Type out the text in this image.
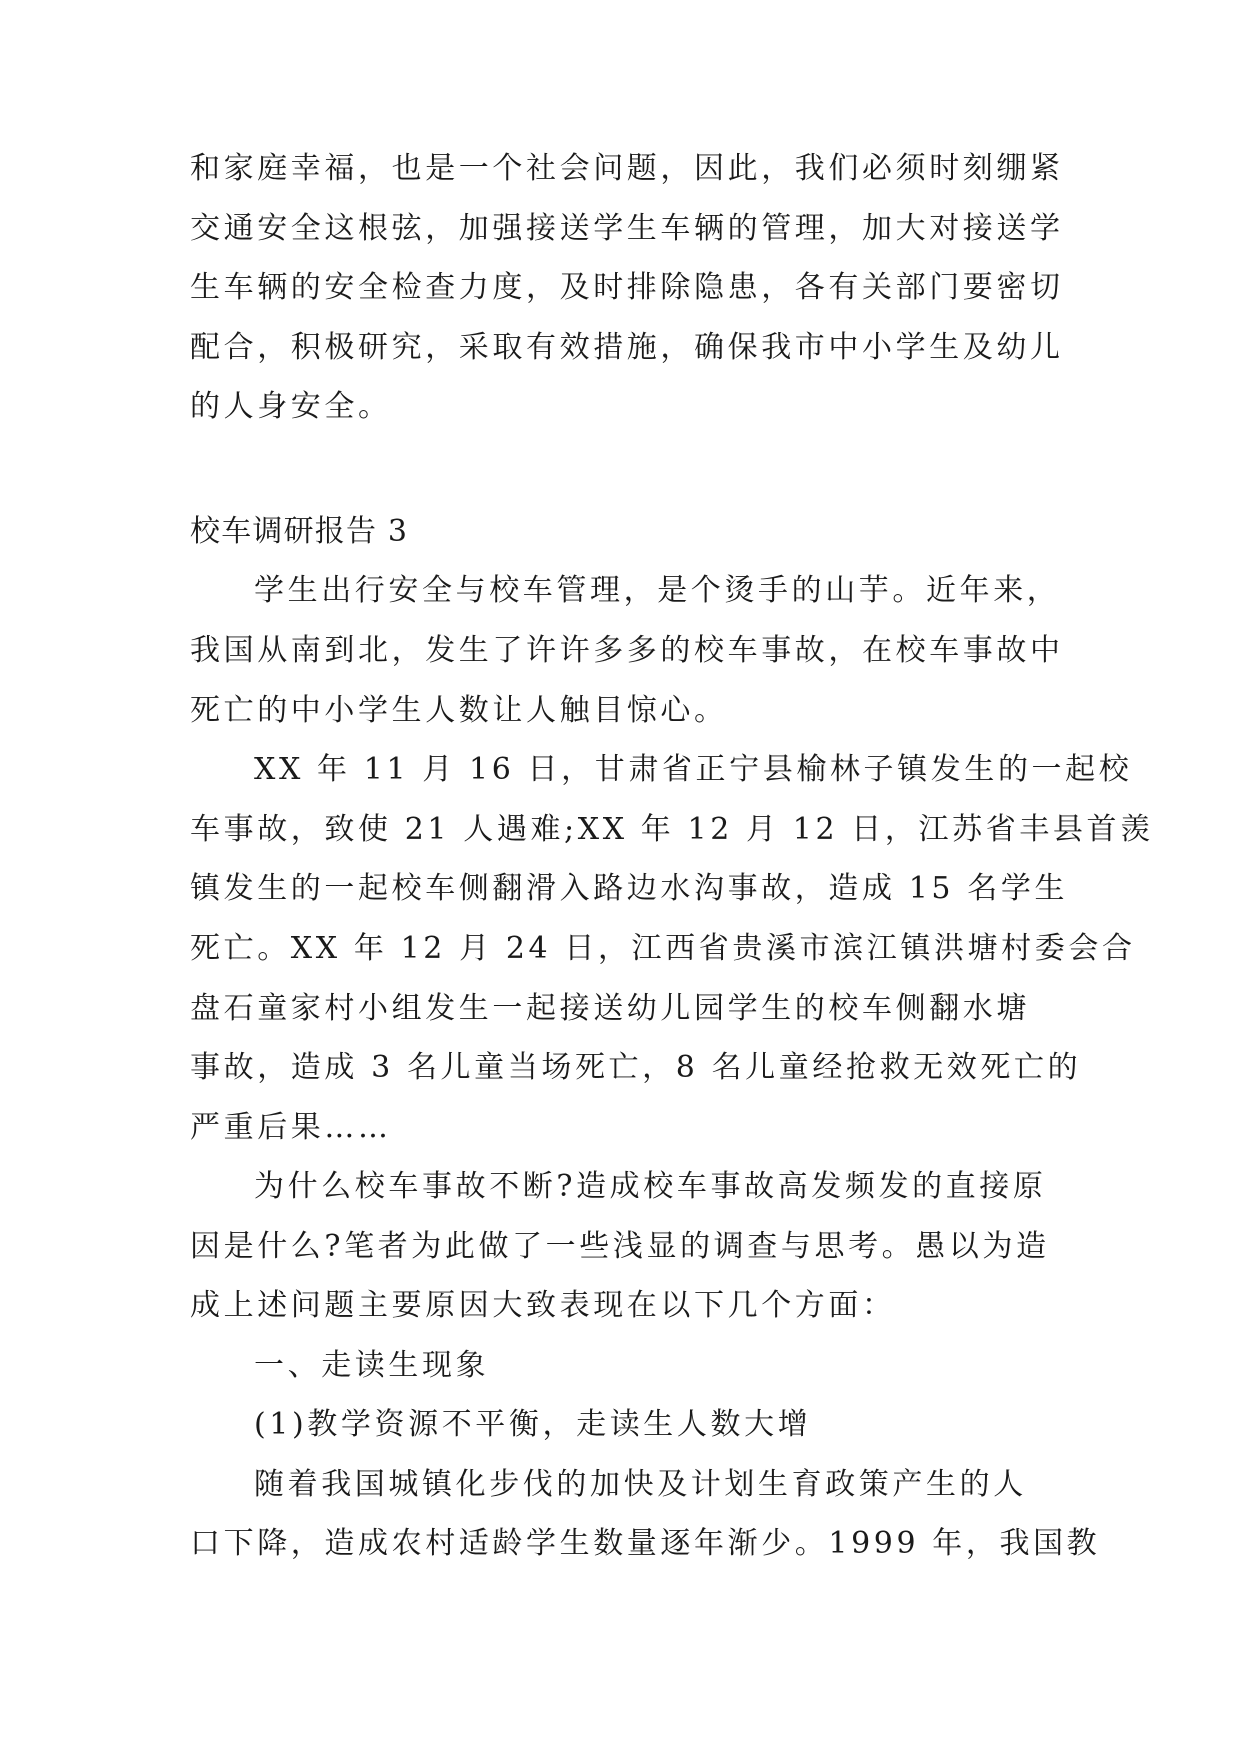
和家庭幸福，也是一个社会问题，因此，我们必须时刻绷紧
交通安全这根弦，加强接送学生车辆的管理，加大对接送学
生车辆的安全检查力度，及时排除隐患，各有关部门要密切
配合，积极研究，采取有效措施，确保我市中小学生及幼儿
的人身安全。
校车调研报告 3
学生出行安全与校车管理，是个烫手的山芋。近年来，
我国从南到北，发生了许许多多的校车事故，在校车事故中
死亡的中小学生人数让人触目惊心。
XX 年 11 月 16 日，甘肃省正宁县榆林子镇发生的一起校
车事故，致使 21 人遇难;XX 年 12 月 12 日，江苏省丰县首羡
镇发生的一起校车侧翻滑入路边水沟事故，造成 15 名学生
死亡。XX 年 12 月 24 日，江西省贵溪市滨江镇洪塘村委会合
盘石童家村小组发生一起接送幼儿园学生的校车侧翻水塘
事故，造成 3 名儿童当场死亡，8 名儿童经抢救无效死亡的
严重后果……
为什么校车事故不断?造成校车事故高发频发的直接原
因是什么?笔者为此做了一些浅显的调查与思考。愚以为造
成上述问题主要原因大致表现在以下几个方面：
一、走读生现象
(1)教学资源不平衡，走读生人数大增
随着我国城镇化步伐的加快及计划生育政策产生的人
口下降，造成农村适龄学生数量逐年渐少。1999 年，我国教
